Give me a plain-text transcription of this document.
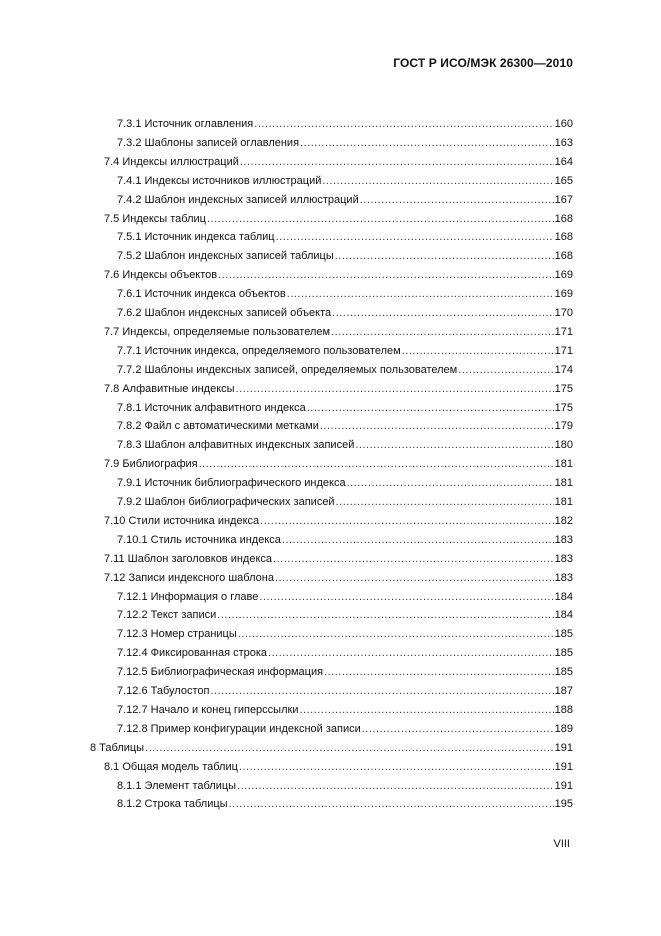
ГОСТ Р ИСО/МЭК 26300—2010
7.3.1 Источник оглавления .....	160
7.3.2 Шаблоны записей оглавления .....	163
7.4 Индексы иллюстраций .....	164
7.4.1 Индексы источников иллюстраций .....	165
7.4.2 Шаблон индексных записей иллюстраций .....	167
7.5 Индексы таблиц .....	168
7.5.1 Источник индекса таблиц .....	168
7.5.2 Шаблон индексных записей таблицы .....	168
7.6 Индексы объектов .....	169
7.6.1 Источник индекса объектов .....	169
7.6.2 Шаблон индексных записей объекта .....	170
7.7 Индексы, определяемые пользователем .....	171
7.7.1 Источник индекса, определяемого пользователем .....	171
7.7.2 Шаблоны индексных записей, определяемых пользователем .....	174
7.8 Алфавитные индексы .....	175
7.8.1 Источник алфавитного индекса .....	175
7.8.2 Файл с автоматическими метками .....	179
7.8.3 Шаблон алфавитных индексных записей .....	180
7.9 Библиография .....	181
7.9.1 Источник библиографического индекса .....	181
7.9.2 Шаблон библиографических записей .....	181
7.10 Стили источника индекса .....	182
7.10.1 Стиль источника индекса .....	183
7.11 Шаблон заголовков индекса .....	183
7.12 Записи индексного шаблона .....	183
7.12.1 Информация о главе .....	184
7.12.2 Текст записи .....	184
7.12.3 Номер страницы .....	185
7.12.4 Фиксированная строка .....	185
7.12.5 Библиографическая информация .....	185
7.12.6 Табулостоп .....	187
7.12.7 Начало и конец гиперссылки .....	188
7.12.8 Пример конфигурации индексной записи .....	189
8 Таблицы .....	191
8.1 Общая модель таблиц .....	191
8.1.1 Элемент таблицы .....	191
8.1.2 Строка таблицы .....	195
VIII
